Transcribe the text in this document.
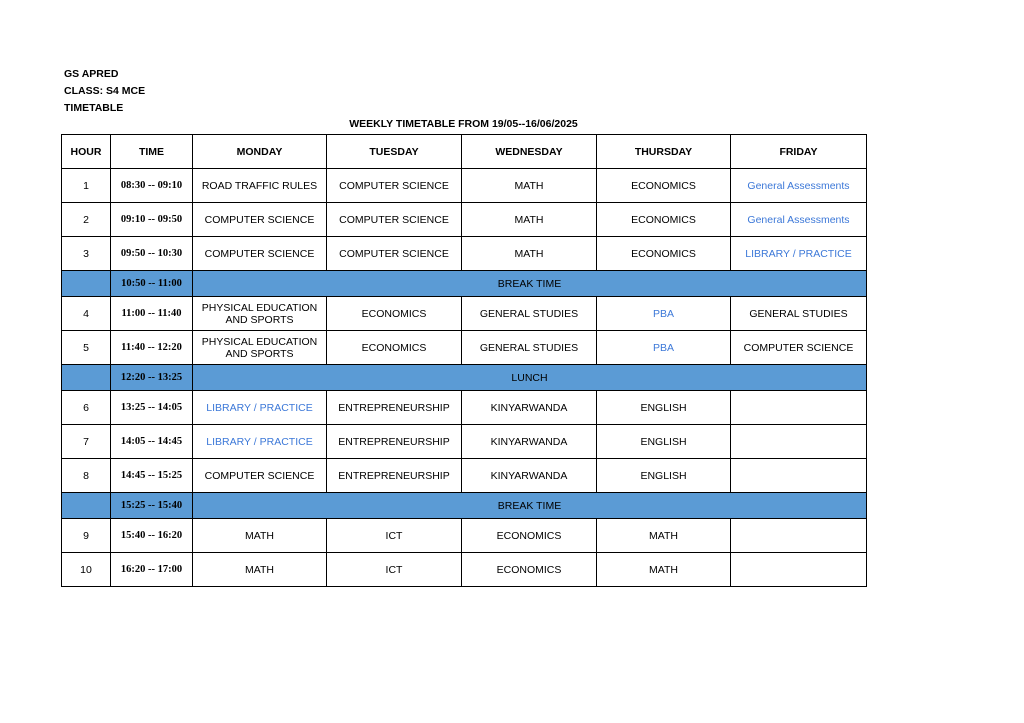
GS APRED
CLASS: S4 MCE
TIMETABLE
WEEKLY TIMETABLE FROM 19/05--16/06/2025
HOUR	TIME	MONDAY	TUESDAY	WEDNESDAY	THURSDAY	FRIDAY
1	08:30 -- 09:10	ROAD TRAFFIC RULES	COMPUTER SCIENCE	MATH	ECONOMICS	General Assessments
2	09:10 -- 09:50	COMPUTER SCIENCE	COMPUTER SCIENCE	MATH	ECONOMICS	General Assessments
3	09:50 -- 10:30	COMPUTER SCIENCE	COMPUTER SCIENCE	MATH	ECONOMICS	LIBRARY / PRACTICE
	10:50 -- 11:00	BREAK TIME				
4	11:00 -- 11:40	PHYSICAL EDUCATION AND SPORTS	ECONOMICS	GENERAL STUDIES	PBA	GENERAL STUDIES
5	11:40 -- 12:20	PHYSICAL EDUCATION AND SPORTS	ECONOMICS	GENERAL STUDIES	PBA	COMPUTER SCIENCE
	12:20 -- 13:25	LUNCH				
6	13:25 -- 14:05	LIBRARY / PRACTICE	ENTREPRENEURSHIP	KINYARWANDA	ENGLISH	
7	14:05 -- 14:45	LIBRARY / PRACTICE	ENTREPRENEURSHIP	KINYARWANDA	ENGLISH	
8	14:45 -- 15:25	COMPUTER SCIENCE	ENTREPRENEURSHIP	KINYARWANDA	ENGLISH	
	15:25 -- 15:40	BREAK TIME				
9	15:40 -- 16:20	MATH	ICT	ECONOMICS	MATH	
10	16:20 -- 17:00	MATH	ICT	ECONOMICS	MATH	
